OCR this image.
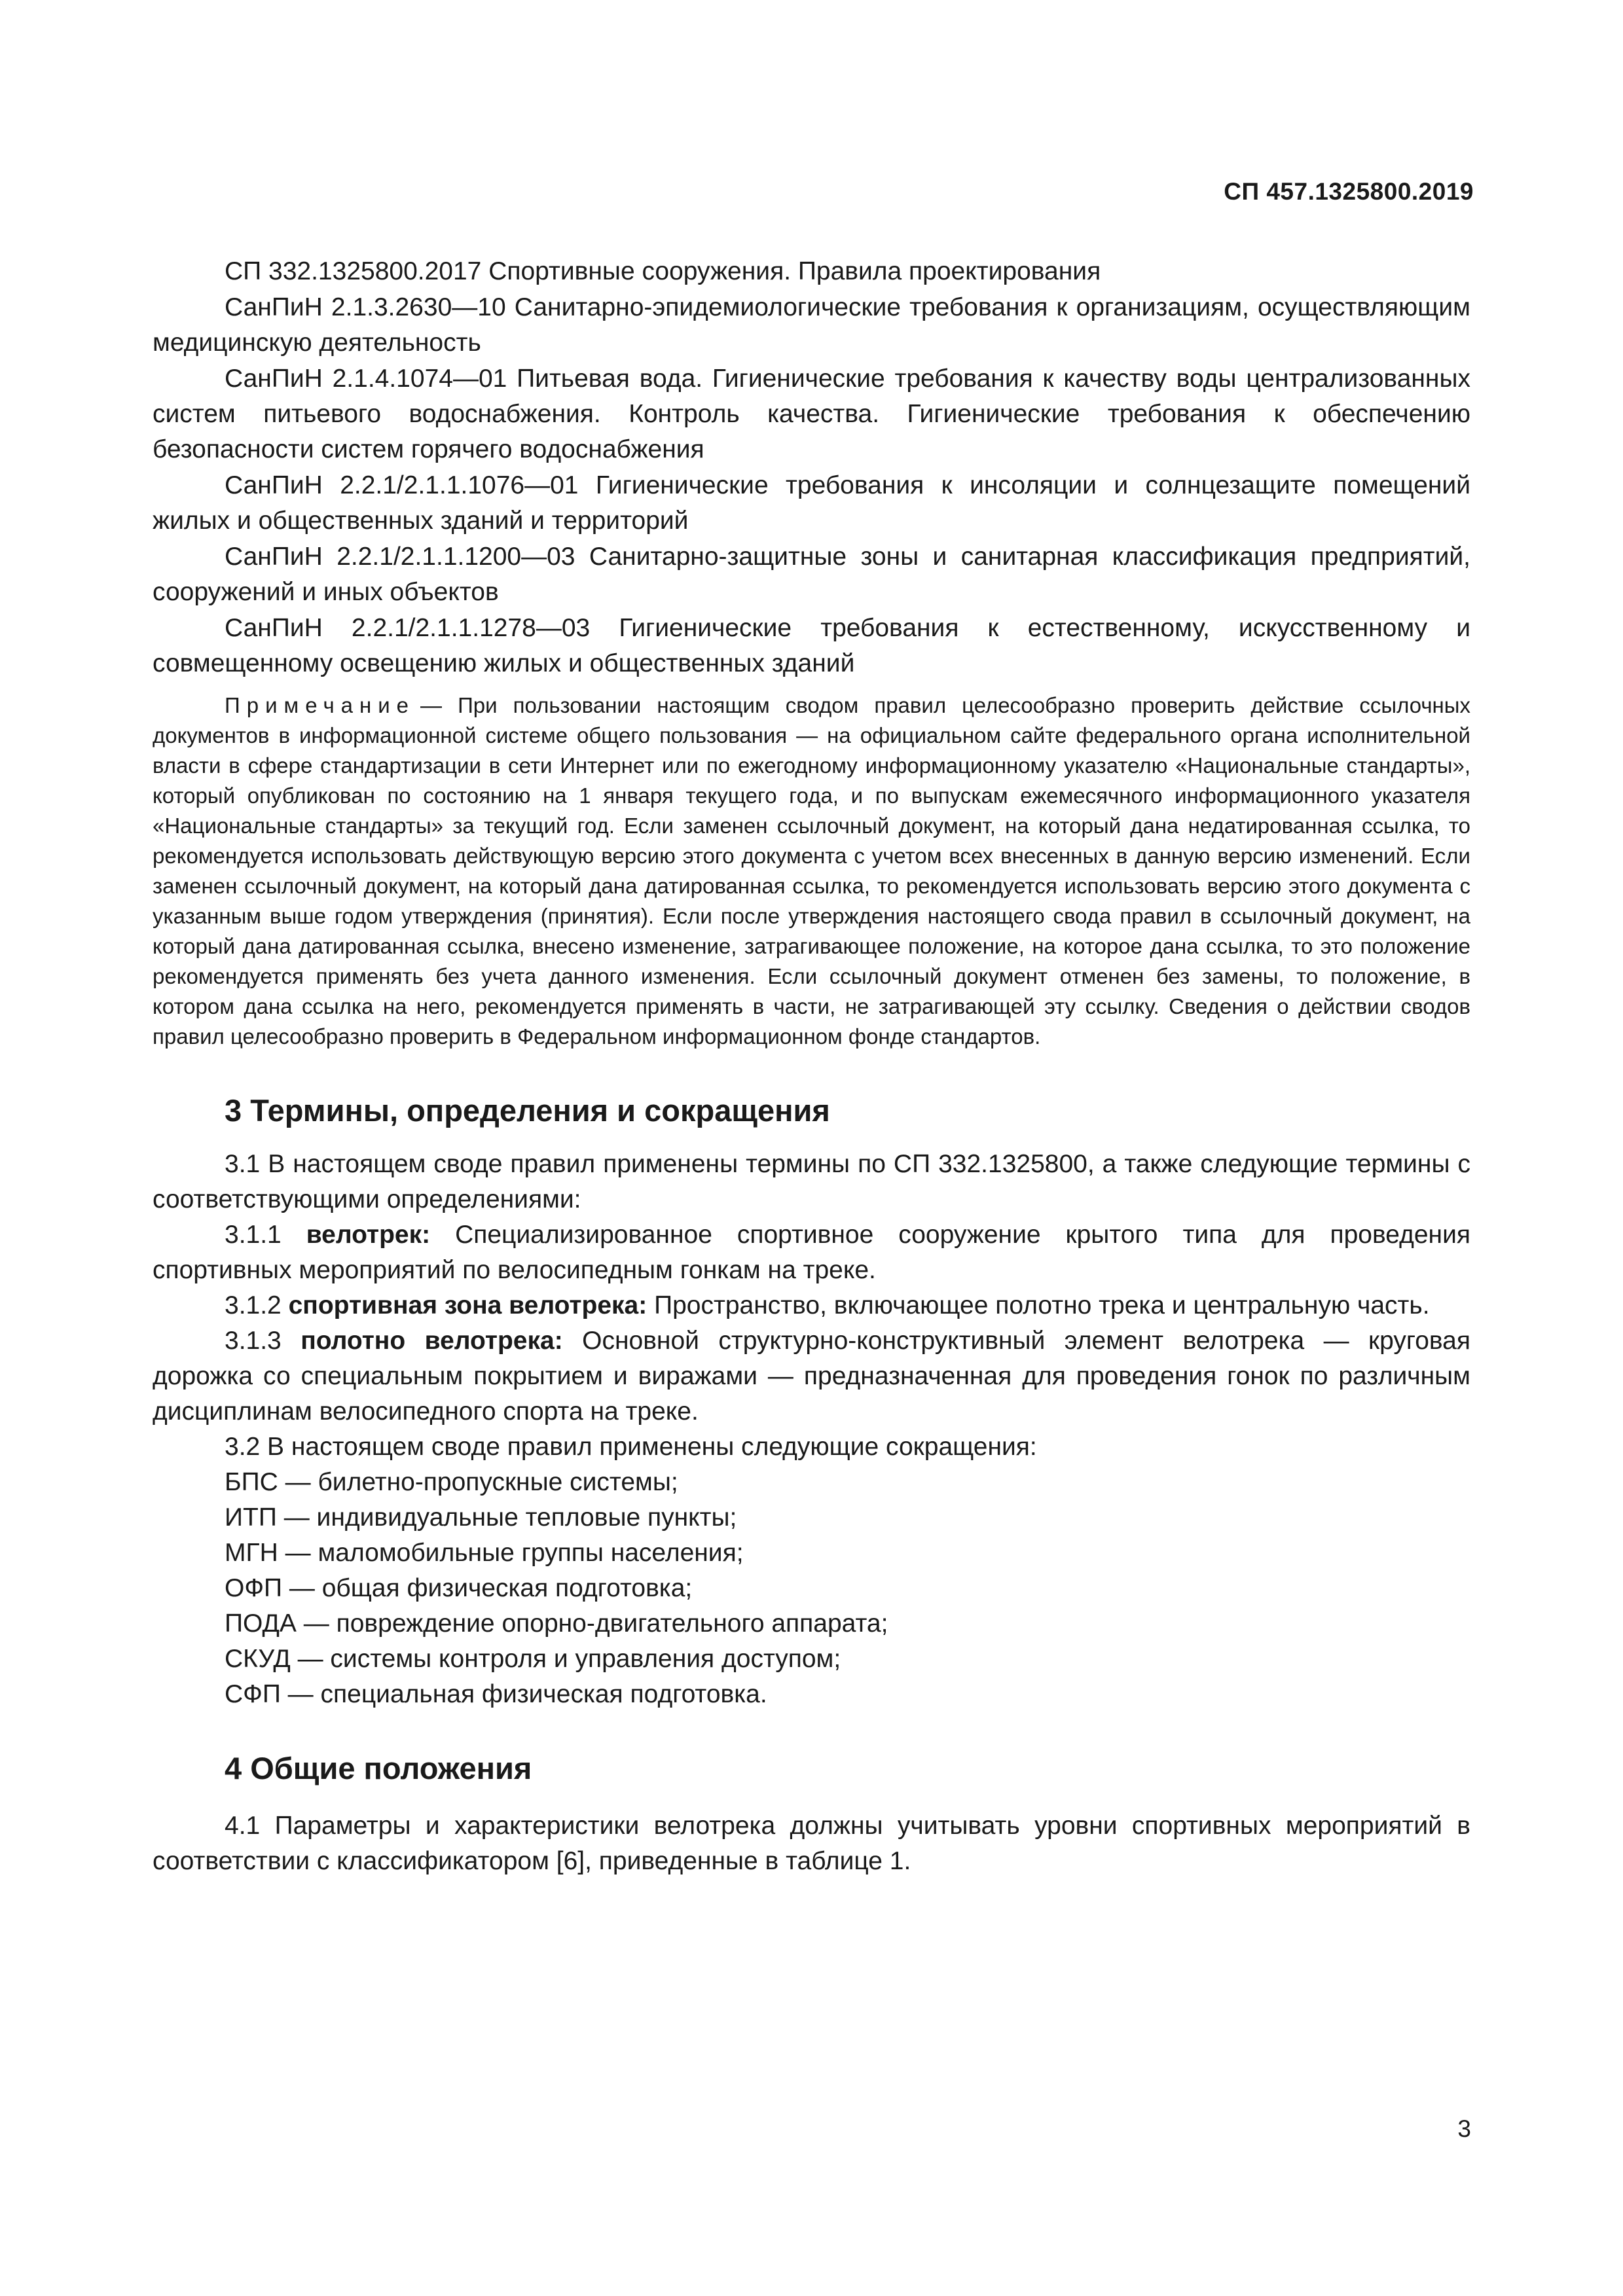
СП 457.1325800.2019

СП 332.1325800.2017 Спортивные сооружения. Правила проектирования

СанПиН 2.1.3.2630—10 Санитарно-эпидемиологические требования к организациям, осуществляющим медицинскую деятельность

СанПиН 2.1.4.1074—01 Питьевая вода. Гигиенические требования к качеству воды централизованных систем питьевого водоснабжения. Контроль качества. Гигиенические требования к обеспечению безопасности систем горячего водоснабжения

СанПиН 2.2.1/2.1.1.1076—01 Гигиенические требования к инсоляции и солнцезащите помещений жилых и общественных зданий и территорий

СанПиН 2.2.1/2.1.1.1200—03 Санитарно-защитные зоны и санитарная классификация предприятий, сооружений и иных объектов

СанПиН 2.2.1/2.1.1.1278—03 Гигиенические требования к естественному, искусственному и совмещенному освещению жилых и общественных зданий

Примечание — При пользовании настоящим сводом правил целесообразно проверить действие ссылочных документов в информационной системе общего пользования — на официальном сайте федерального органа исполнительной власти в сфере стандартизации в сети Интернет или по ежегодному информационному указателю «Национальные стандарты», который опубликован по состоянию на 1 января текущего года, и по выпускам ежемесячного информационного указателя «Национальные стандарты» за текущий год. Если заменен ссылочный документ, на который дана недатированная ссылка, то рекомендуется использовать действующую версию этого документа с учетом всех внесенных в данную версию изменений. Если заменен ссылочный документ, на который дана датированная ссылка, то рекомендуется использовать версию этого документа с указанным выше годом утверждения (принятия). Если после утверждения настоящего свода правил в ссылочный документ, на который дана датированная ссылка, внесено изменение, затрагивающее положение, на которое дана ссылка, то это положение рекомендуется применять без учета данного изменения. Если ссылочный документ отменен без замены, то положение, в котором дана ссылка на него, рекомендуется применять в части, не затрагивающей эту ссылку. Сведения о действии сводов правил целесообразно проверить в Федеральном информационном фонде стандартов.

3 Термины, определения и сокращения

3.1 В настоящем своде правил применены термины по СП 332.1325800, а также следующие термины с соответствующими определениями:

3.1.1 велотрек: Специализированное спортивное сооружение крытого типа для проведения спортивных мероприятий по велосипедным гонкам на треке.

3.1.2 спортивная зона велотрека: Пространство, включающее полотно трека и центральную часть.

3.1.3 полотно велотрека: Основной структурно-конструктивный элемент велотрека — круговая дорожка со специальным покрытием и виражами — предназначенная для проведения гонок по различным дисциплинам велосипедного спорта на треке.

3.2 В настоящем своде правил применены следующие сокращения:

БПС — билетно-пропускные системы;

ИТП — индивидуальные тепловые пункты;

МГН — маломобильные группы населения;

ОФП — общая физическая подготовка;

ПОДА — повреждение опорно-двигательного аппарата;

СКУД — системы контроля и управления доступом;

СФП — специальная физическая подготовка.

4 Общие положения

4.1 Параметры и характеристики велотрека должны учитывать уровни спортивных мероприятий в соответствии с классификатором [6], приведенные в таблице 1.

3
